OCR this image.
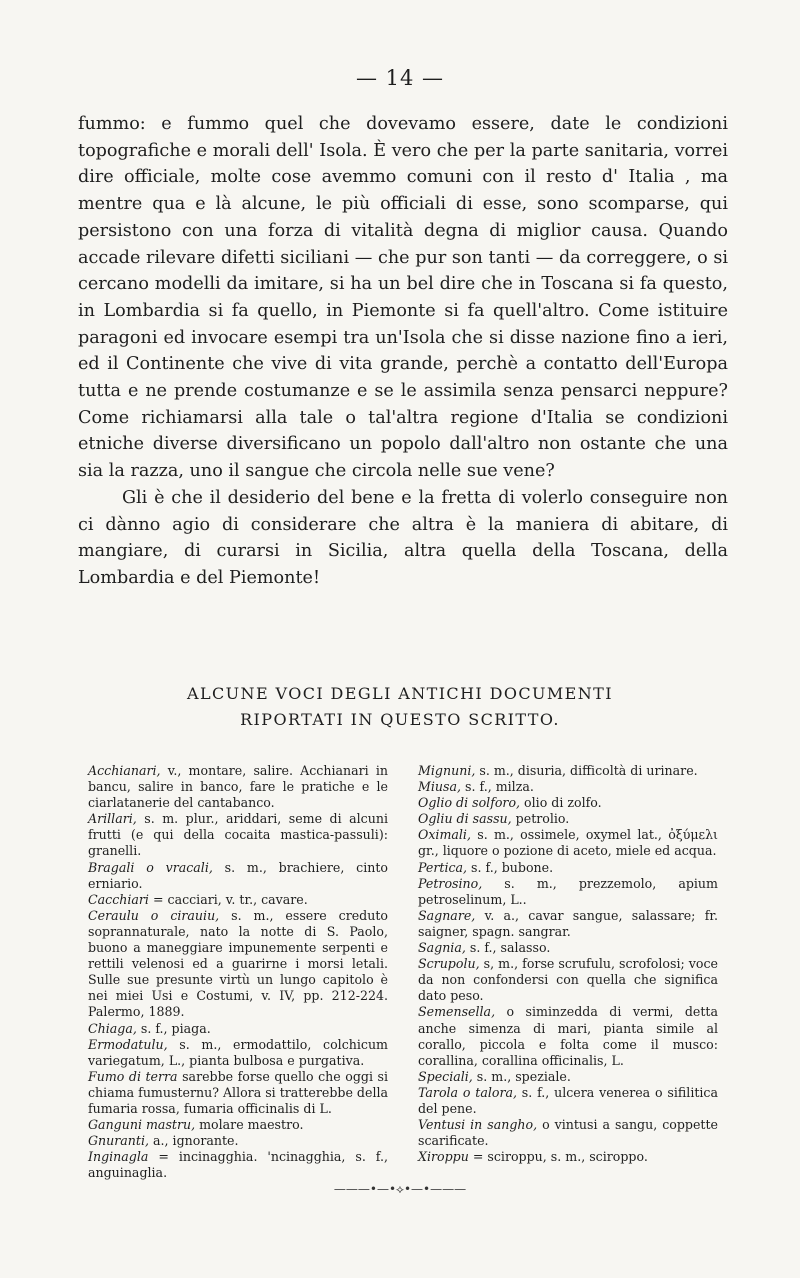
— 14 —

fummo: e fummo quel che dovevamo essere, date le condizioni topografiche e morali dell' Isola. È vero che per la parte sanitaria, vorrei dire officiale, molte cose avemmo comuni con il resto d' Italia , ma mentre qua e là alcune, le più officiali di esse, sono scomparse, qui persistono con una forza di vitalità degna di miglior causa. Quando accade rilevare difetti siciliani — che pur son tanti — da correggere, o si cercano modelli da imitare, si ha un bel dire che in Toscana si fa questo, in Lombardia si fa quello, in Piemonte si fa quell'altro. Come istituire paragoni ed invocare esempi tra un'Isola che si disse nazione fino a ieri, ed il Continente che vive di vita grande, perchè a contatto dell'Europa tutta e ne prende costumanze e se le assimila senza pensarci neppure? Come richiamarsi alla tale o tal'altra regione d'Italia se condizioni etniche diverse diversificano un popolo dall'altro non ostante che una sia la razza, uno il sangue che circola nelle sue vene?

Gli è che il desiderio del bene e la fretta di volerlo conseguire non ci dànno agio di considerare che altra è la maniera di abitare, di mangiare, di curarsi in Sicilia, altra quella della Toscana, della Lombardia e del Piemonte!

ALCUNE VOCI DEGLI ANTICHI DOCUMENTI
RIPORTATI IN QUESTO SCRITTO.

Acchianari, v., montare, salire. Acchianari in bancu, salire in banco, fare le pratiche e le ciarlatanerie del cantabanco.

Arillari, s. m. plur., ariddari, seme di alcuni frutti (e qui della cocaita mastica-passuli): granelli.

Bragali o vracali, s. m., brachiere, cinto erniario.

Cacchiari = cacciari, v. tr., cavare.

Ceraulu o cirauiu, s. m., essere creduto soprannaturale, nato la notte di S. Paolo, buono a maneggiare impunemente serpenti e rettili velenosi ed a guarirne i morsi letali. Sulle sue presunte virtù un lungo capitolo è nei miei Usi e Costumi, v. IV, pp. 212-224. Palermo, 1889.

Chiaga, s. f., piaga.

Ermodatulu, s. m., ermodattilo, colchicum variegatum, L., pianta bulbosa e purgativa.

Fumo di terra sarebbe forse quello che oggi si chiama fumusternu? Allora si tratterebbe della fumaria rossa, fumaria officinalis di L.

Ganguni mastru, molare maestro.

Gnuranti, a., ignorante.

Inginagla = incinagghia. 'ncinagghia, s. f., anguinaglia.

Mignuni, s. m., disuria, difficoltà di urinare.

Miusa, s. f., milza.

Oglio di solforo, olio di zolfo.

Ogliu di sassu, petrolio.

Oximali, s. m., ossimele, oxymel lat., ὀξύμελι gr., liquore o pozione di aceto, miele ed acqua.

Pertica, s. f., bubone.

Petrosino, s. m., prezzemolo, apium petroselinum, L..

Sagnare, v. a., cavar sangue, salassare; fr. saigner, spagn. sangrar.

Sagnia, s. f., salasso.

Scrupolu, s, m., forse scrufulu, scrofolosi; voce da non confondersi con quella che significa dato peso.

Semensella, o siminzedda di vermi, detta anche simenza di mari, pianta simile al corallo, piccola e folta come il musco: corallina, corallina officinalis, L.

Speciali, s. m., speziale.

Tarola o talora, s. f., ulcera venerea o sifilitica del pene.

Ventusi in sangho, o vintusi a sangu, coppette scarificate.

Xiroppu = sciroppu, s. m., sciroppo.

———•—•⟡•—•———
